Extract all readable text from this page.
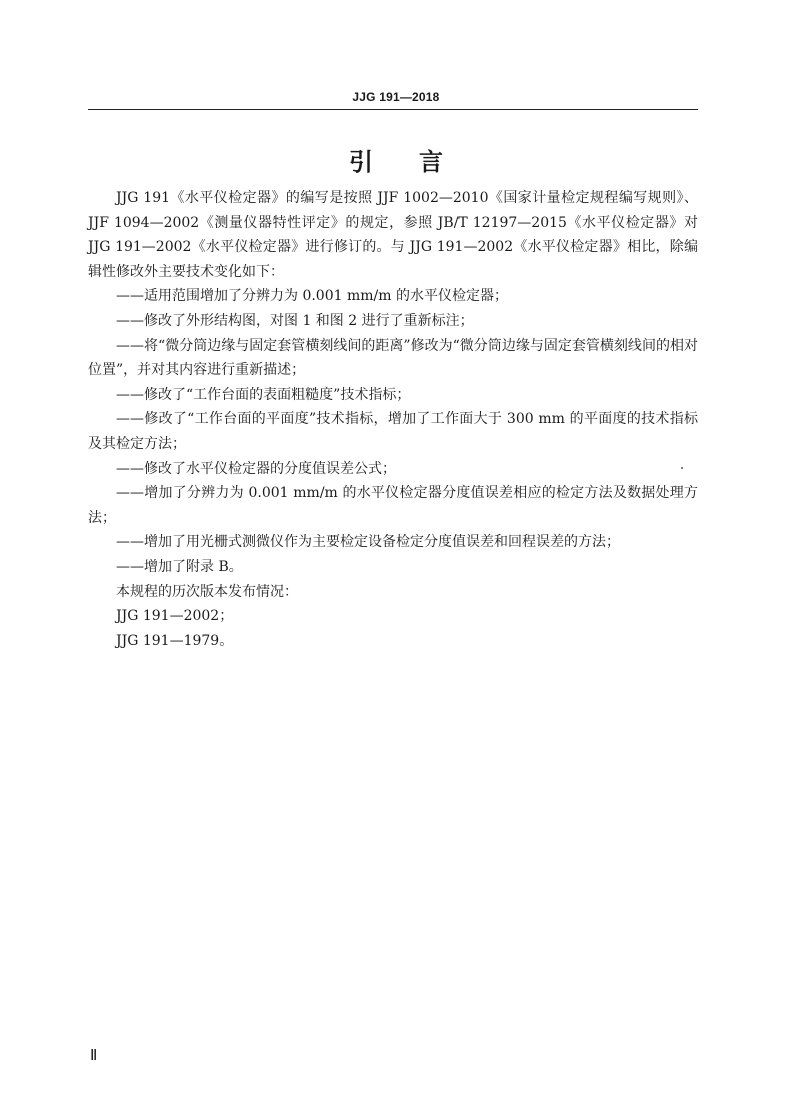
JJG 191—2018
引言

JJG 191《水平仪检定器》的编写是按照 JJF 1002—2010《国家计量检定规程编写规则》、JJF 1094—2002《测量仪器特性评定》的规定，参照 JB/T 12197—2015《水平仪检定器》对 JJG 191—2002《水平仪检定器》进行修订的。与 JJG 191—2002《水平仪检定器》相比，除编辑性修改外主要技术变化如下：

——适用范围增加了分辨力为 0.001 mm/m 的水平仪检定器；

——修改了外形结构图，对图 1 和图 2 进行了重新标注；

——将“微分筒边缘与固定套管横刻线间的距离”修改为“微分筒边缘与固定套管横刻线间的相对位置”，并对其内容进行重新描述；

——修改了“工作台面的表面粗糙度”技术指标；

——修改了“工作台面的平面度”技术指标，增加了工作面大于 300 mm 的平面度的技术指标及其检定方法；

——修改了水平仪检定器的分度值误差公式；

——增加了分辨力为 0.001 mm/m 的水平仪检定器分度值误差相应的检定方法及数据处理方法；

——增加了用光栅式测微仪作为主要检定设备检定分度值误差和回程误差的方法；

——增加了附录 B。

本规程的历次版本发布情况：

JJG 191—2002；

JJG 191—1979。

Ⅱ
